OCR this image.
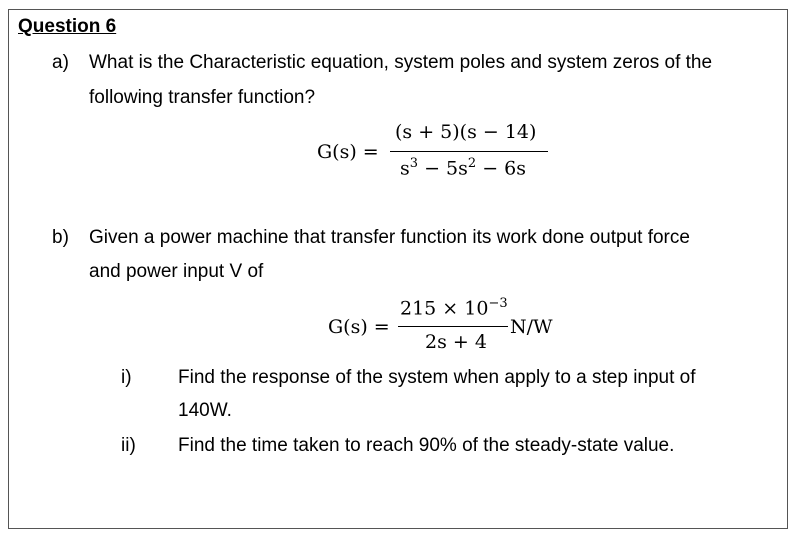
Question 6
a) What is the Characteristic equation, system poles and system zeros of the
following transfer function?
G(s) =
(s + 5)(s − 14)
$s^3 - 5s^2 - 6s$
b) Given a power machine that transfer function its work done output force
and power input V of
G(s) =
$215 \times 10^{-3}$
2s + 4
N/W
i) Find the response of the system when apply to a step input of
140W.
ii) Find the time taken to reach 90% of the steady-state value.
